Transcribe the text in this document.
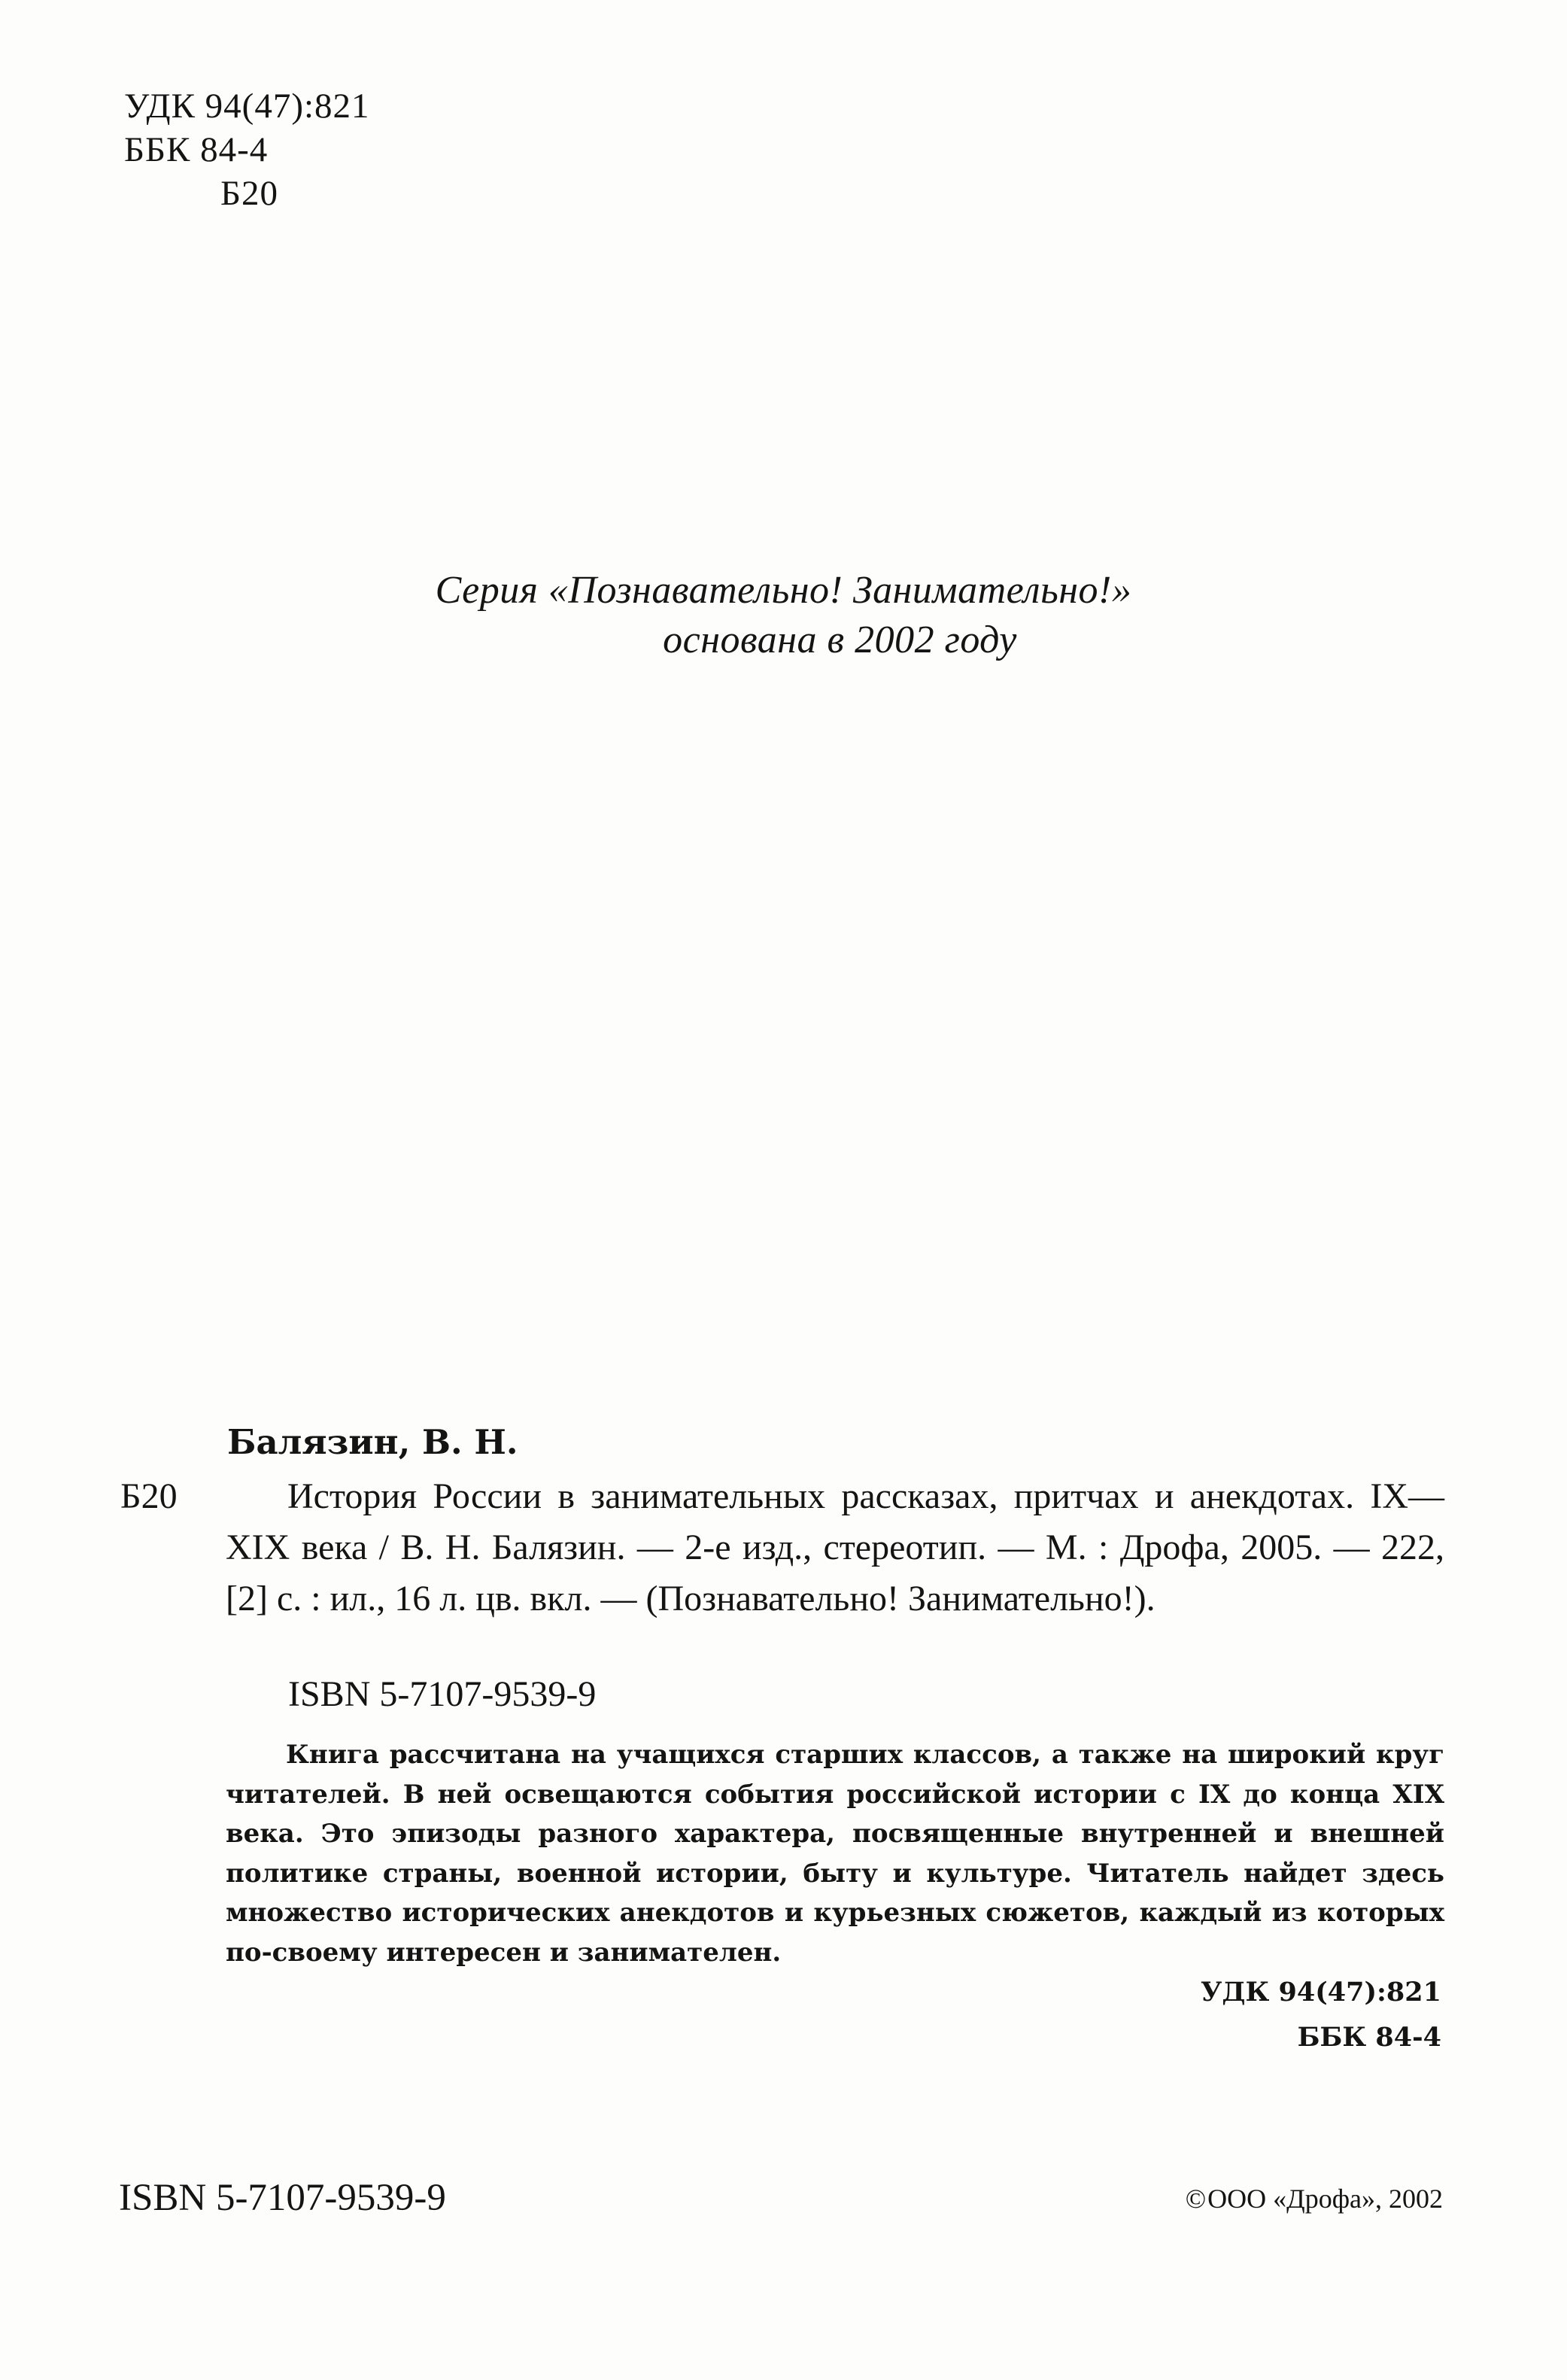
УДК 94(47):821
ББК 84-4
Б20
Серия «Познавательно! Занимательно!»
основана в 2002 году
Балязин, В. Н.
Б20	История России в занимательных рассказах, притчах и анекдотах. IX—XIX века / В. Н. Балязин. — 2-е изд., стереотип. — М. : Дрофа, 2005. — 222, [2] с. : ил., 16 л. цв. вкл. — (Познавательно! Занимательно!).

ISBN 5-7107-9539-9

Книга рассчитана на учащихся старших классов, а также на широкий круг читателей. В ней освещаются события российской истории с IX до конца XIX века. Это эпизоды разного характера, посвященные внутренней и внешней политике страны, военной истории, быту и культуре. Читатель найдет здесь множество исторических анекдотов и курьезных сюжетов, каждый из которых по-своему интересен и занимателен.

УДК 94(47):821
ББК 84-4
ISBN 5-7107-9539-9	©ООО «Дрофа», 2002
